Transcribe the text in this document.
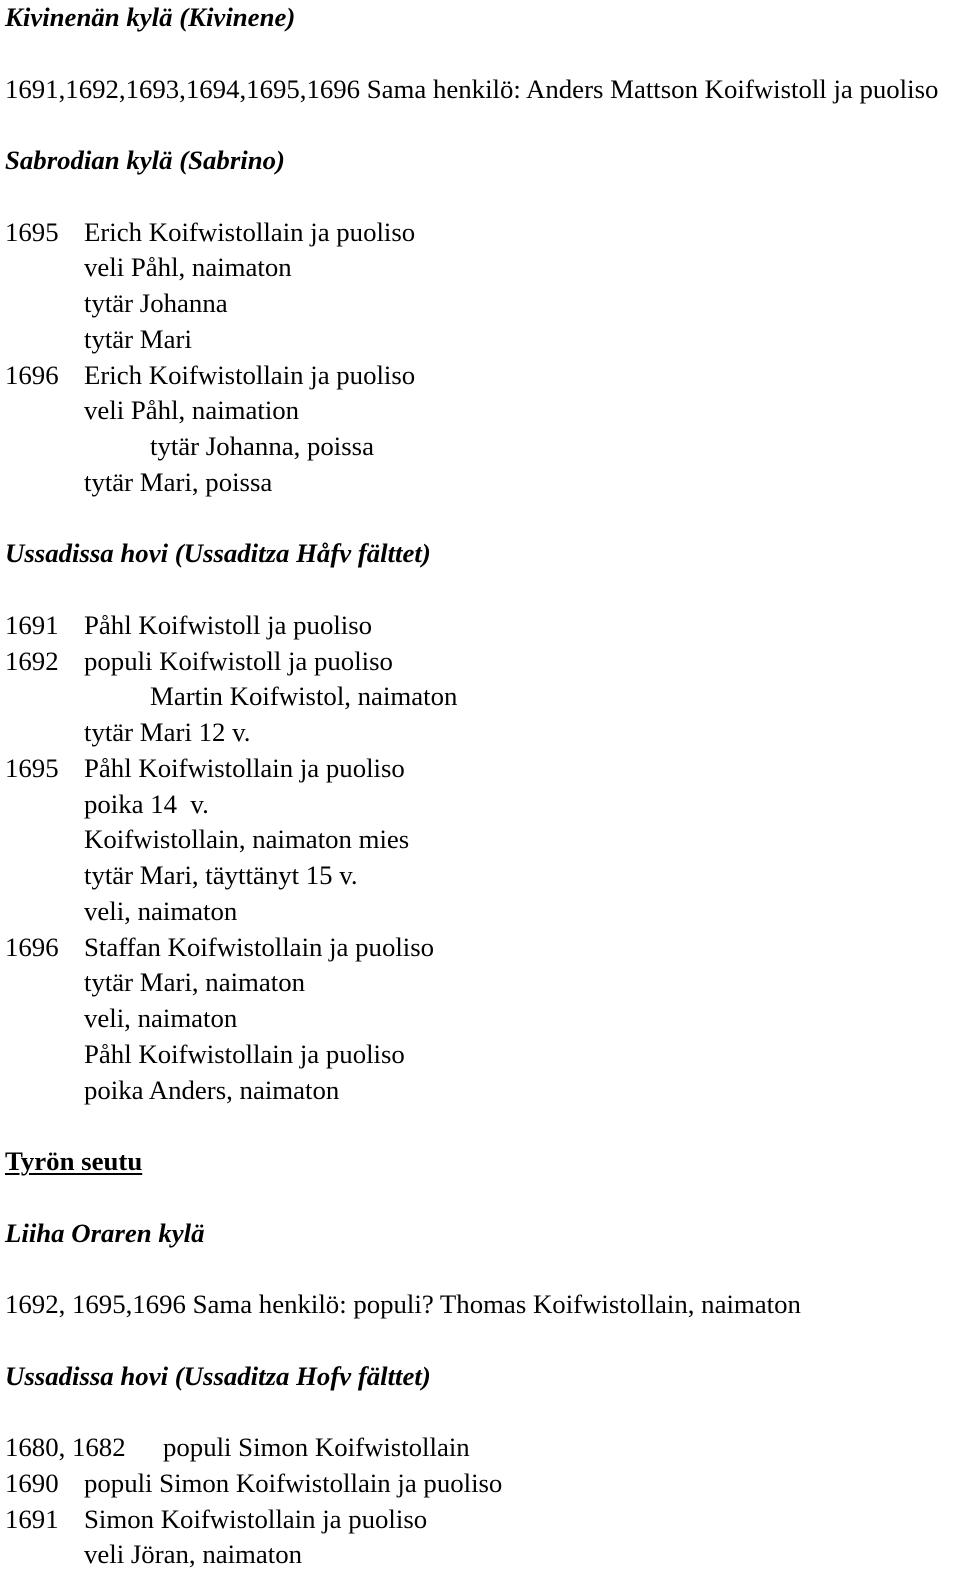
Kivinenän kylä (Kivinene)
1691,1692,1693,1694,1695,1696 Sama henkilö: Anders Mattson Koifwistoll ja puoliso
Sabrodian kylä (Sabrino)
1695 Erich Koifwistollain ja puoliso
veli Påhl, naimaton
tytär Johanna
tytär Mari
1696 Erich Koifwistollain ja puoliso
veli Påhl, naimation
tytär Johanna, poissa
tytär Mari, poissa
Ussadissa hovi (Ussaditza Håfv fälttet)
1691 Påhl Koifwistoll ja puoliso
1692 populi Koifwistoll ja puoliso
Martin Koifwistol, naimaton
tytär Mari 12 v.
1695 Påhl Koifwistollain ja puoliso
poika 14  v.
Koifwistollain, naimaton mies
tytär Mari, täyttänyt 15 v.
veli, naimaton
1696 Staffan Koifwistollain ja puoliso
tytär Mari, naimaton
veli, naimaton
Påhl Koifwistollain ja puoliso
poika Anders, naimaton
Tyrön seutu
Liiha Oraren kylä
1692, 1695,1696 Sama henkilö: populi? Thomas Koifwistollain, naimaton
Ussadissa hovi (Ussaditza Hofv fälttet)
1680, 1682	populi Simon Koifwistollain
1690 populi Simon Koifwistollain ja puoliso
1691 Simon Koifwistollain ja puoliso
veli Jöran, naimaton
